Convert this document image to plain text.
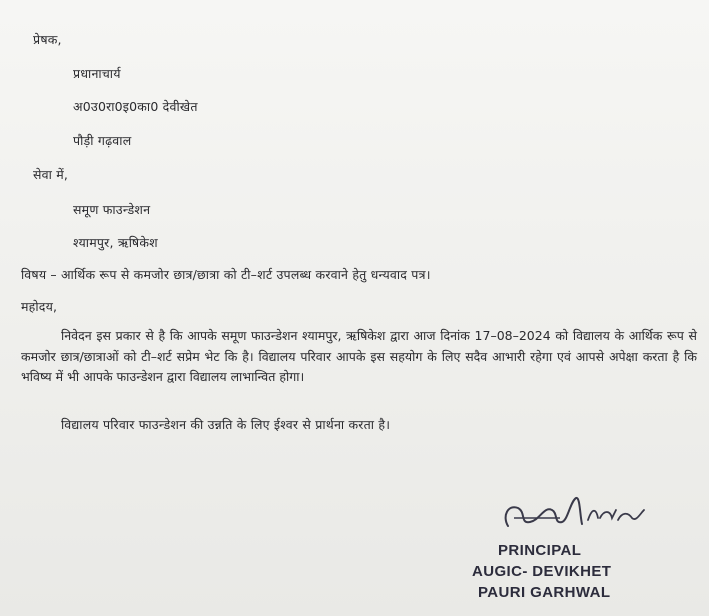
प्रेषक,
प्रधानाचार्य
अ0उ0रा0इ0का0 देवीखेत
पौड़ी गढ़वाल
सेवा में,
समूण फाउन्डेशन
श्यामपुर, ऋषिकेश
विषय – आर्थिक रूप से कमजोर छात्र/छात्रा को टी–शर्ट उपलब्ध करवाने हेतु धन्यवाद पत्र।
महोदय,
निवेदन इस प्रकार से है कि आपके समूण फाउन्डेशन श्यामपुर, ऋषिकेश द्वारा आज दिनांक 17–08–2024 को विद्यालय के आर्थिक रूप से कमजोर छात्र/छात्राओं को टी–शर्ट सप्रेम भेट कि है। विद्यालय परिवार आपके इस सहयोग के लिए सदैव आभारी रहेगा एवं आपसे अपेक्षा करता है कि भविष्य में भी आपके फाउन्डेशन द्वारा विद्यालय लाभान्वित होगा।
विद्यालय परिवार फाउन्डेशन की उन्नति के लिए ईश्वर से प्रार्थना करता है।
PRINCIPAL
AUGIC- DEVIKHET
PAURI GARHWAL
